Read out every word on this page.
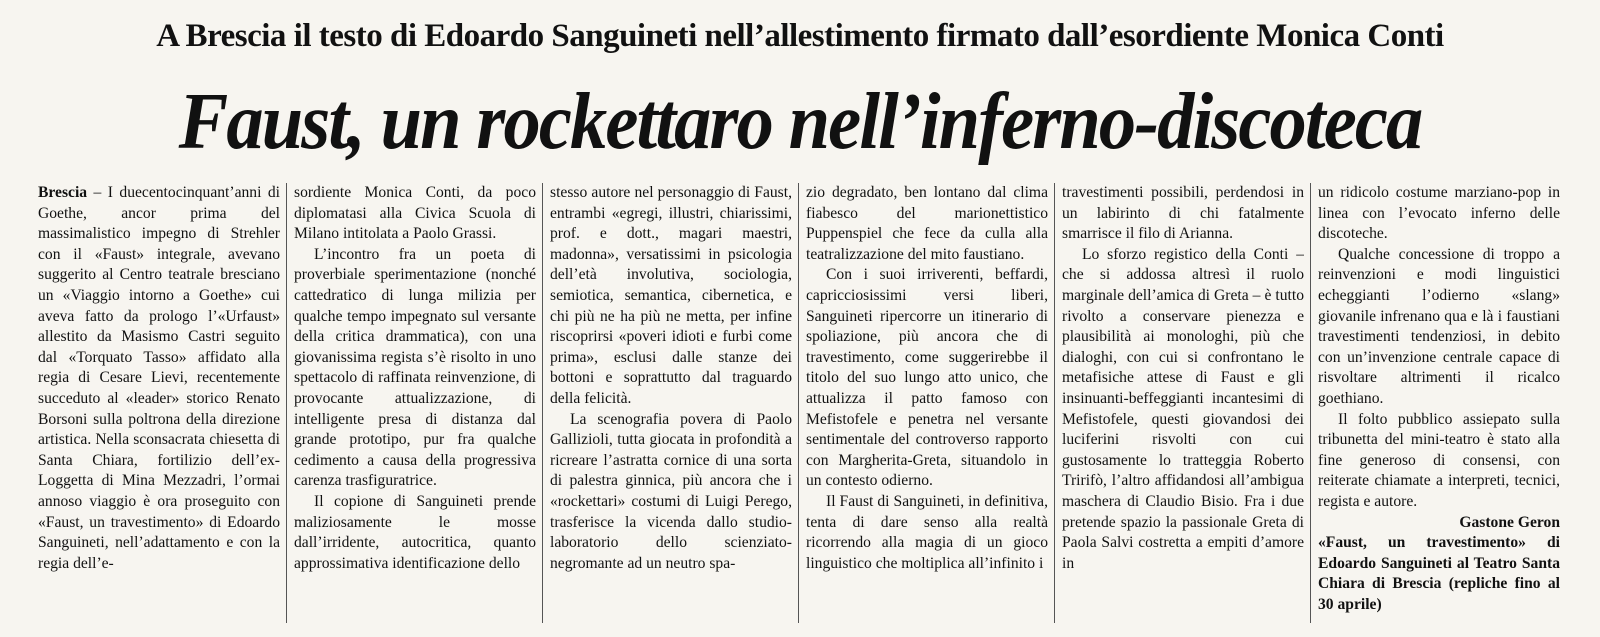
A Brescia il testo di Edoardo Sanguineti nell’allestimento firmato dall’esordiente Monica Conti
Faust, un rockettaro nell’inferno-discoteca

Brescia – I duecentocinquant’anni di Goethe, ancor prima del massimalistico impegno di Strehler con il «Faust» integrale, avevano suggerito al Centro teatrale bresciano un «Viaggio intorno a Goethe» cui aveva fatto da prologo l’«Urfaust» allestito da Masismo Castri seguito dal «Torquato Tasso» affidato alla regia di Cesare Lievi, recentemente succeduto al «leader» storico Renato Borsoni sulla poltrona della direzione artistica. Nella sconsacrata chiesetta di Santa Chiara, fortilizio dell’ex-Loggetta di Mina Mezzadri, l’ormai annoso viaggio è ora proseguito con «Faust, un travestimento» di Edoardo Sanguineti, nell’adattamento e con la regia dell’e-

sordiente Monica Conti, da poco diplomatasi alla Civica Scuola di Milano intitolata a Paolo Grassi.

L’incontro fra un poeta di proverbiale sperimentazione (nonché cattedratico di lunga milizia per qualche tempo impegnato sul versante della critica drammatica), con una giovanissima regista s’è risolto in uno spettacolo di raffinata reinvenzione, di provocante attualizzazione, di intelligente presa di distanza dal grande prototipo, pur fra qualche cedimento a causa della progressiva carenza trasfiguratrice.

Il copione di Sanguineti prende maliziosamente le mosse dall’irridente, autocritica, quanto approssimativa identificazione dello

stesso autore nel personaggio di Faust, entrambi «egregi, illustri, chiarissimi, prof. e dott., magari maestri, madonna», versatissimi in psicologia dell’età involutiva, sociologia, semiotica, semantica, cibernetica, e chi più ne ha più ne metta, per infine riscoprirsi «poveri idioti e furbi come prima», esclusi dalle stanze dei bottoni e soprattutto dal traguardo della felicità.

La scenografia povera di Paolo Gallizioli, tutta giocata in profondità a ricreare l’astratta cornice di una sorta di palestra ginnica, più ancora che i «rockettari» costumi di Luigi Perego, trasferisce la vicenda dallo studio-laboratorio dello scienziato-negromante ad un neutro spa-

zio degradato, ben lontano dal clima fiabesco del marionettistico Puppenspiel che fece da culla alla teatralizzazione del mito faustiano.

Con i suoi irriverenti, beffardi, capricciosissimi versi liberi, Sanguineti ripercorre un itinerario di spoliazione, più ancora che di travestimento, come suggerirebbe il titolo del suo lungo atto unico, che attualizza il patto famoso con Mefistofele e penetra nel versante sentimentale del controverso rapporto con Margherita-Greta, situandolo in un contesto odierno.

Il Faust di Sanguineti, in definitiva, tenta di dare senso alla realtà ricorrendo alla magia di un gioco linguistico che moltiplica all’infinito i

travestimenti possibili, perdendosi in un labirinto di chi fatalmente smarrisce il filo di Arianna.

Lo sforzo registico della Conti – che si addossa altresì il ruolo marginale dell’amica di Greta – è tutto rivolto a conservare pienezza e plausibilità ai monologhi, più che dialoghi, con cui si confrontano le metafisiche attese di Faust e gli insinuanti-beffeggianti incantesimi di Mefistofele, questi giovandosi dei luciferini risvolti con cui gustosamente lo tratteggia Roberto Tririfò, l’altro affidandosi all’ambigua maschera di Claudio Bisio. Fra i due pretende spazio la passionale Greta di Paola Salvi costretta a empiti d’amore in

un ridicolo costume marziano-pop in linea con l’evocato inferno delle discoteche.

Qualche concessione di troppo a reinvenzioni e modi linguistici echeggianti l’odierno «slang» giovanile infrenano qua e là i faustiani travestimenti tendenziosi, in debito con un’invenzione centrale capace di risvoltare altrimenti il ricalco goethiano.

Il folto pubblico assiepato sulla tribunetta del mini-teatro è stato alla fine generoso di consensi, con reiterate chiamate a interpreti, tecnici, regista e autore.

Gastone Geron

«Faust, un travestimento» di Edoardo Sanguineti al Teatro Santa Chiara di Brescia (repliche fino al 30 aprile)
